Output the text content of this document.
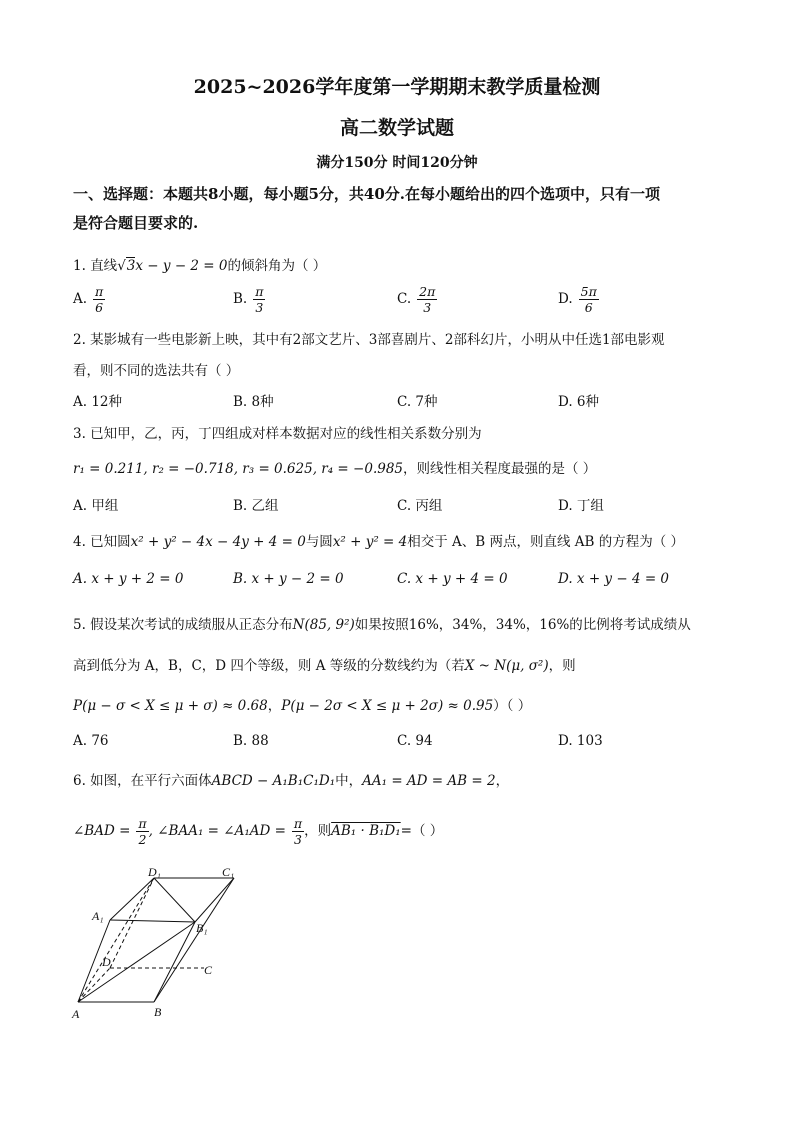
2025~2026学年度第一学期期末教学质量检测
高二数学试题
满分150分 时间120分钟
一、选择题：本题共8小题，每小题5分，共40分.在每小题给出的四个选项中，只有一项
是符合题目要求的.
1. 直线√3x − y − 2 = 0的倾斜角为（ ）
A. $\frac{\pi}{6}$	B. $\frac{\pi}{3}$	C. $\frac{2\pi}{3}$	D. $\frac{5\pi}{6}$
2. 某影城有一些电影新上映，其中有2部文艺片、3部喜剧片、2部科幻片，小明从中任选1部电影观
看，则不同的选法共有（ ）
A. 12种	B. 8种	C. 7种	D. 6种
3. 已知甲，乙，丙，丁四组成对样本数据对应的线性相关系数分别为
r₁ = 0.211, r₂ = −0.718, r₃ = 0.625, r₄ = −0.985，则线性相关程度最强的是（ ）
A. 甲组	B. 乙组	C. 丙组	D. 丁组
4. 已知圆x² + y² − 4x − 4y + 4 = 0与圆x² + y² = 4相交于 A、B 两点，则直线 AB 的方程为（ ）
A. x + y + 2 = 0	B. x + y − 2 = 0	C. x + y + 4 = 0	D. x + y − 4 = 0
5. 假设某次考试的成绩服从正态分布N(85, 9²)如果按照16%，34%，34%，16%的比例将考试成绩从
高到低分为 A，B，C，D 四个等级，则 A 等级的分数线约为（若X ~ N(μ, σ²)，则
P(μ − σ < X ≤ μ + σ) ≈ 0.68，P(μ − 2σ < X ≤ μ + 2σ) ≈ 0.95）（ ）
A. 76	B. 88	C. 94	D. 103
6. 如图，在平行六面体ABCD − A₁B₁C₁D₁中，AA₁ = AD = AB = 2，
∠BAD = $\frac{\pi}{2}$ , ∠BAA₁ = ∠A₁AD = $\frac{\pi}{3}$ ，则AB₁ · B₁D₁=（ ）
D₁	C₁
A₁
B₁
D
C
A	B
